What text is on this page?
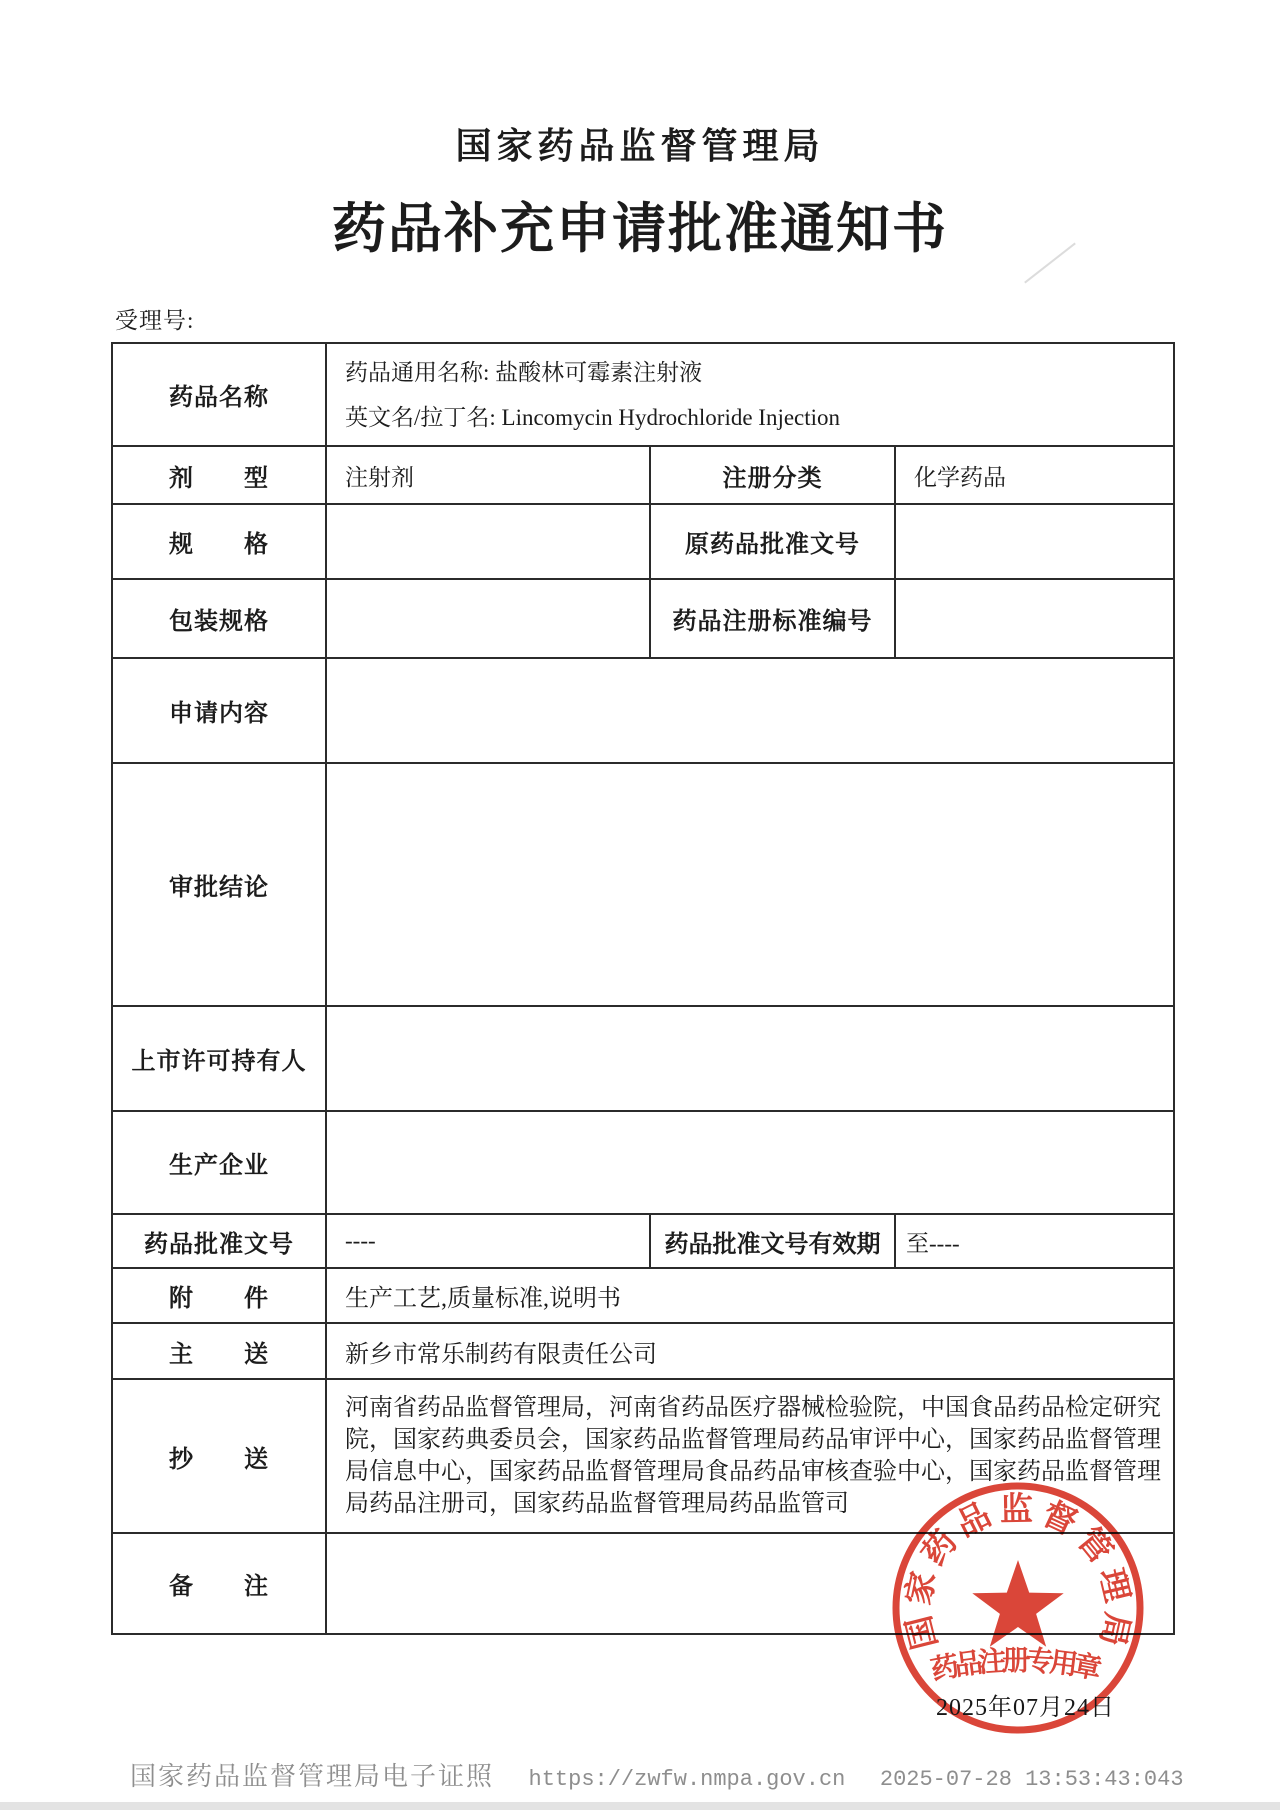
国家药品监督管理局
药品补充申请批准通知书
受理号:
药品名称	药品通用名称: 盐酸林可霉素注射液
英文名/拉丁名: Lincomycin Hydrochloride Injection		

剂　　型	注射剂	注册分类	化学药品
规　　格		原药品批准文号	
包装规格		药品注册标准编号	
申请内容			
审批结论			
上市许可持有人			
生产企业			
药品批准文号	----	药品批准文号有效期	至----
附　　件	生产工艺,质量标准,说明书		
主　　送	新乡市常乐制药有限责任公司		
抄　　送	河南省药品监督管理局，河南省药品医疗器械检验院，中国食品药品检定研究院，国家药典委员会，国家药品监督管理局药品审评中心，国家药品监督管理局信息中心，国家药品监督管理局食品药品审核查验中心，国家药品监督管理局药品注册司，国家药品监督管理局药品监管司		
备　　注			
国家药品监督管理局
药品注册专用章
2025年07月24日
国家药品监督管理局电子证照 https://zwfw.nmpa.gov.cn 2025-07-28 13:53:43:043
